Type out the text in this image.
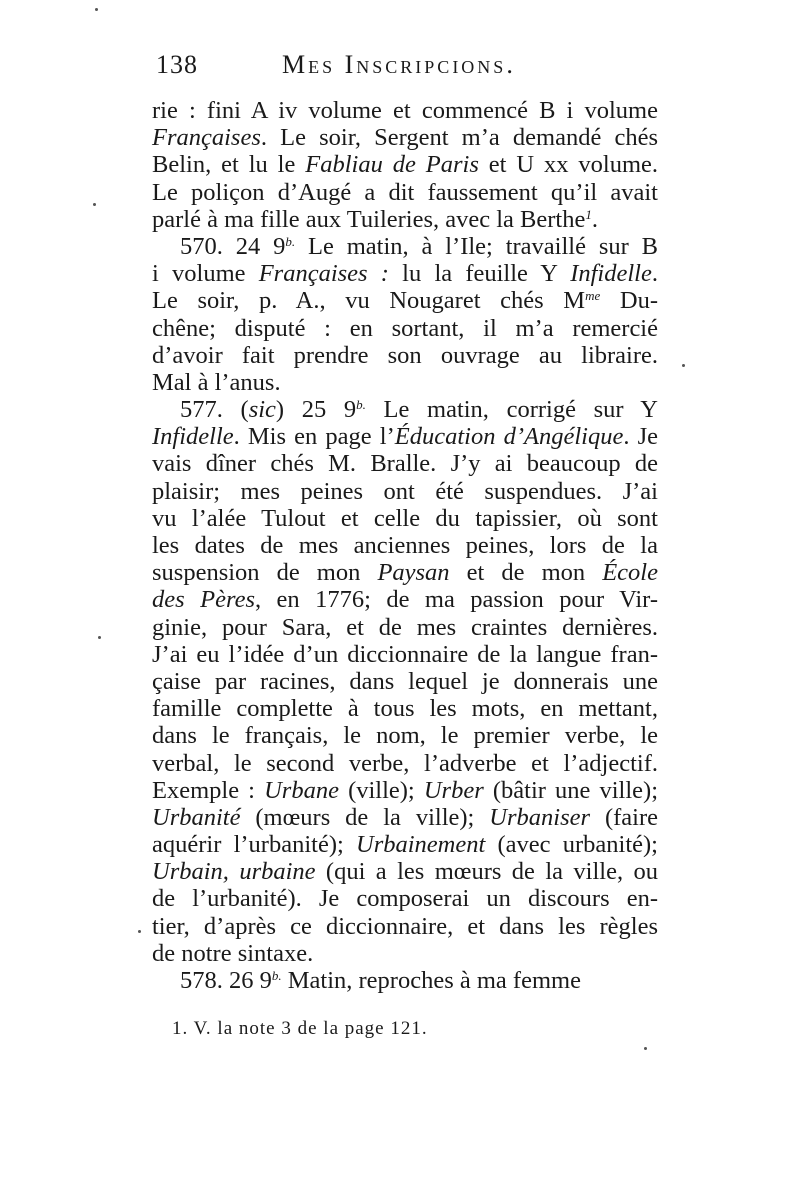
138	Mes Inscripcions.
rie : fini A iv volume et commencé B i volume
Françaises. Le soir, Sergent m’a demandé chés
Belin, et lu le Fabliau de Paris et U xx volume.
Le poliçon d’Augé a dit faussement qu’il avait
parlé à ma fille aux Tuileries, avec la Berthe$^1$.
570. 24 $9^{b.}$ Le matin, à l’Ile; travaillé sur B
i volume Françaises : lu la feuille Y Infidelle.
Le soir, p. A., vu Nougaret chés $M^{me}$ Du-
chêne; disputé : en sortant, il m’a remercié
d’avoir fait prendre son ouvrage au libraire.
Mal à l’anus.
577. (sic) 25 $9^{b.}$ Le matin, corrigé sur Y
Infidelle. Mis en page l’Éducation d’Angélique. Je
vais dîner chés M. Bralle. J’y ai beaucoup de
plaisir; mes peines ont été suspendues. J’ai
vu l’alée Tulout et celle du tapissier, où sont
les dates de mes anciennes peines, lors de la
suspension de mon Paysan et de mon École
des Pères, en 1776; de ma passion pour Vir-
ginie, pour Sara, et de mes craintes dernières.
J’ai eu l’idée d’un diccionnaire de la langue fran-
çaise par racines, dans lequel je donnerais une
famille complette à tous les mots, en mettant,
dans le français, le nom, le premier verbe, le
verbal, le second verbe, l’adverbe et l’adjectif.
Exemple : Urbane (ville); Urber (bâtir une ville);
Urbanité (mœurs de la ville); Urbaniser (faire
aquérir l’urbanité); Urbainement (avec urbanité);
Urbain, urbaine (qui a les mœurs de la ville, ou
de l’urbanité). Je composerai un discours en-
tier, d’après ce diccionnaire, et dans les règles
de notre sintaxe.
578. 26 $9^{b.}$ Matin, reproches à ma femme
1. V. la note 3 de la page 121.
